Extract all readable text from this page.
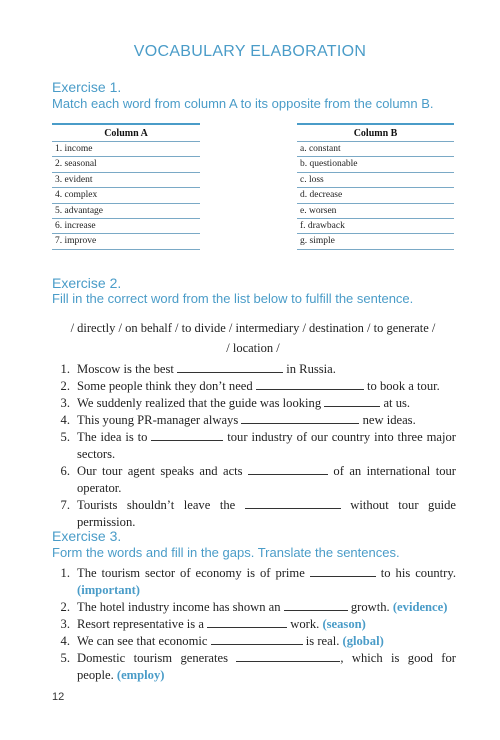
VOCABULARY ELABORATION
Exercise 1.
Match each word from column A to its opposite from the column B.
Column A
1. income
2. seasonal
3. evident
4. complex
5. advantage
6. increase
7. improve
Column B
a. constant
b. questionable
c. loss
d. decrease
e. worsen
f. drawback
g. simple
Exercise 2.
Fill in the correct word from the list below to fulfill the sentence.
/ directly / on behalf / to divide / intermediary / destination / to generate /
/ location /
1. Moscow is the best	in Russia.
2. Some people think they don’t need	to book a tour.
3. We suddenly realized that the guide was looking	at us.
4. This young PR-manager always	new ideas.
5. The idea is to	tour industry of our country into three major
sectors.
6. Our tour agent speaks and acts	of an international tour
operator.
7. Tourists shouldn’t leave the	without tour guide
permission.
Exercise 3.
Form the words and fill in the gaps. Translate the sentences.
1. The tourism sector of economy is of prime	to his country.
(important)
2. The hotel industry income has shown an	growth. (evidence)
3. Resort representative is a	work. (season)
4. We can see that economic	is real. (global)
5. Domestic tourism generates	, which is good for
people. (employ)
12
